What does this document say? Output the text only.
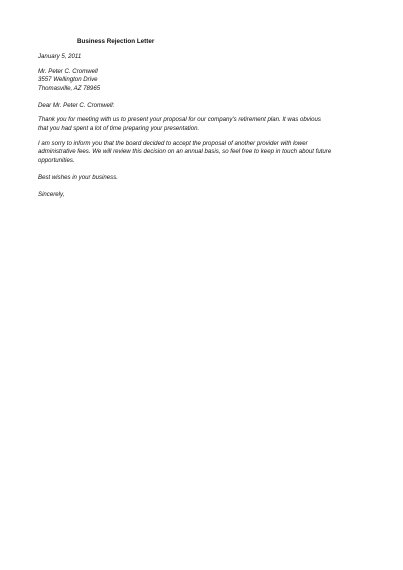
Business Rejection Letter

January 5, 2011

Mr. Peter C. Cromwell

3557 Wellington Drive

Thomasville, AZ 78965

Dear Mr. Peter C. Cromwell:

Thank you for meeting with us to present your proposal for our company's retirement plan. It was obvious

that you had spent a lot of time preparing your presentation.

I am sorry to inform you that the board decided to accept the proposal of another provider with lower

administrative fees. We will review this decision on an annual basis, so feel free to keep in touch about future

opportunities.

Best wishes in your business.

Sincerely,
